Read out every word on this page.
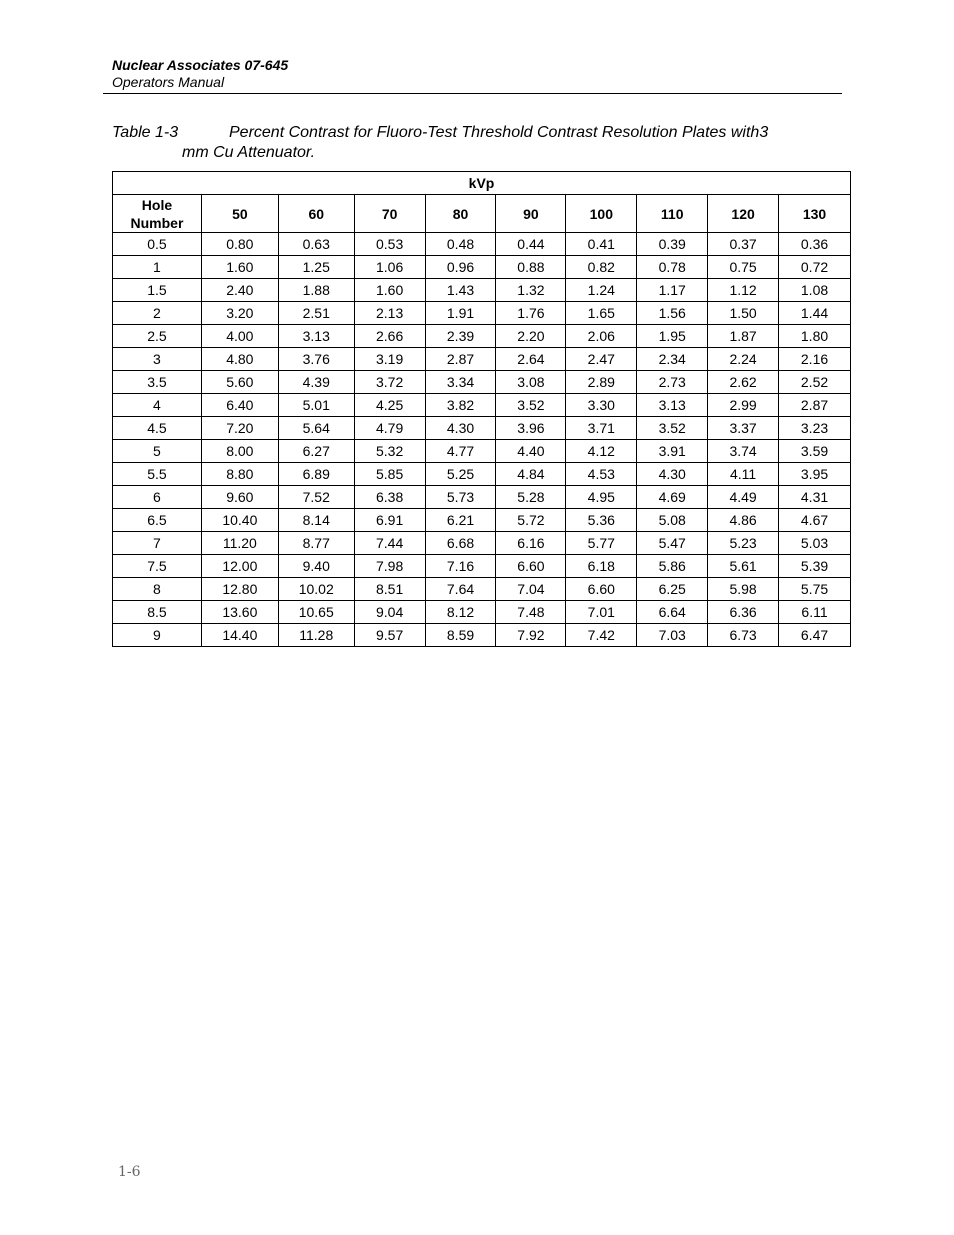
Nuclear Associates 07-645
Operators Manual
Table 1-3	Percent Contrast for Fluoro-Test Threshold Contrast Resolution Plates with3
mm Cu Attenuator.
kVp									
Hole
Number	50	60	70	80	90	100	110	120	130
0.5	0.80	0.63	0.53	0.48	0.44	0.41	0.39	0.37	0.36
1	1.60	1.25	1.06	0.96	0.88	0.82	0.78	0.75	0.72
1.5	2.40	1.88	1.60	1.43	1.32	1.24	1.17	1.12	1.08
2	3.20	2.51	2.13	1.91	1.76	1.65	1.56	1.50	1.44
2.5	4.00	3.13	2.66	2.39	2.20	2.06	1.95	1.87	1.80
3	4.80	3.76	3.19	2.87	2.64	2.47	2.34	2.24	2.16
3.5	5.60	4.39	3.72	3.34	3.08	2.89	2.73	2.62	2.52
4	6.40	5.01	4.25	3.82	3.52	3.30	3.13	2.99	2.87
4.5	7.20	5.64	4.79	4.30	3.96	3.71	3.52	3.37	3.23
5	8.00	6.27	5.32	4.77	4.40	4.12	3.91	3.74	3.59
5.5	8.80	6.89	5.85	5.25	4.84	4.53	4.30	4.11	3.95
6	9.60	7.52	6.38	5.73	5.28	4.95	4.69	4.49	4.31
6.5	10.40	8.14	6.91	6.21	5.72	5.36	5.08	4.86	4.67
7	11.20	8.77	7.44	6.68	6.16	5.77	5.47	5.23	5.03
7.5	12.00	9.40	7.98	7.16	6.60	6.18	5.86	5.61	5.39
8	12.80	10.02	8.51	7.64	7.04	6.60	6.25	5.98	5.75
8.5	13.60	10.65	9.04	8.12	7.48	7.01	6.64	6.36	6.11
9	14.40	11.28	9.57	8.59	7.92	7.42	7.03	6.73	6.47
1-6
